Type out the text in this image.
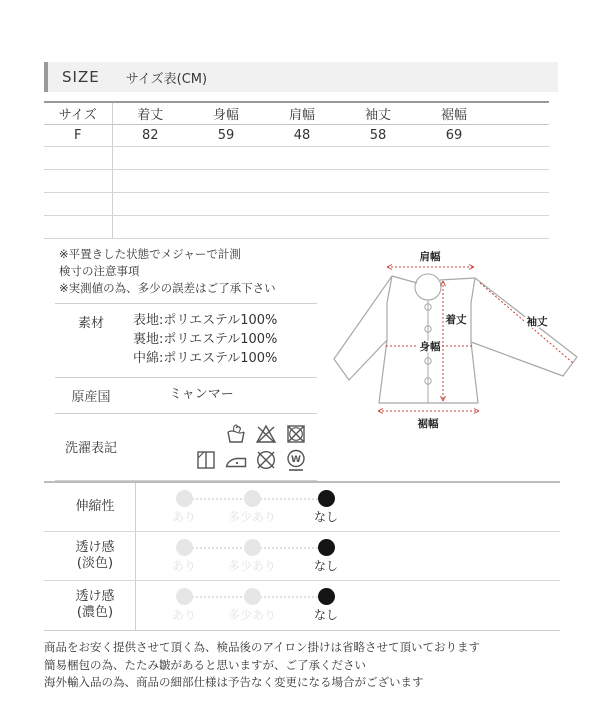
SIZE サイズ表(CM)
サイズ	着丈	身幅	肩幅	袖丈	裾幅	
F	82	59	48	58	69	

※平置きした状態でメジャーで計測
検寸の注意事項
※実測値の為、多少の誤差はご了承下さい
素材	表地:ポリエステル100%
裏地:ポリエステル100%
中綿:ポリエステル100%
原産国	ミャンマー
洗濯表記
W
肩幅
着丈	袖丈
身幅
裾幅
伸縮性
あり	多少あり	なし
透け感
(淡色)	あり	多少あり	なし
透け感
(濃色)	あり	多少あり	なし
商品をお安く提供させて頂く為、検品後のアイロン掛けは省略させて頂いております
簡易梱包の為、たたみ皺があると思いますが、ご了承ください
海外輸入品の為、商品の細部仕様は予告なく変更になる場合がございます
